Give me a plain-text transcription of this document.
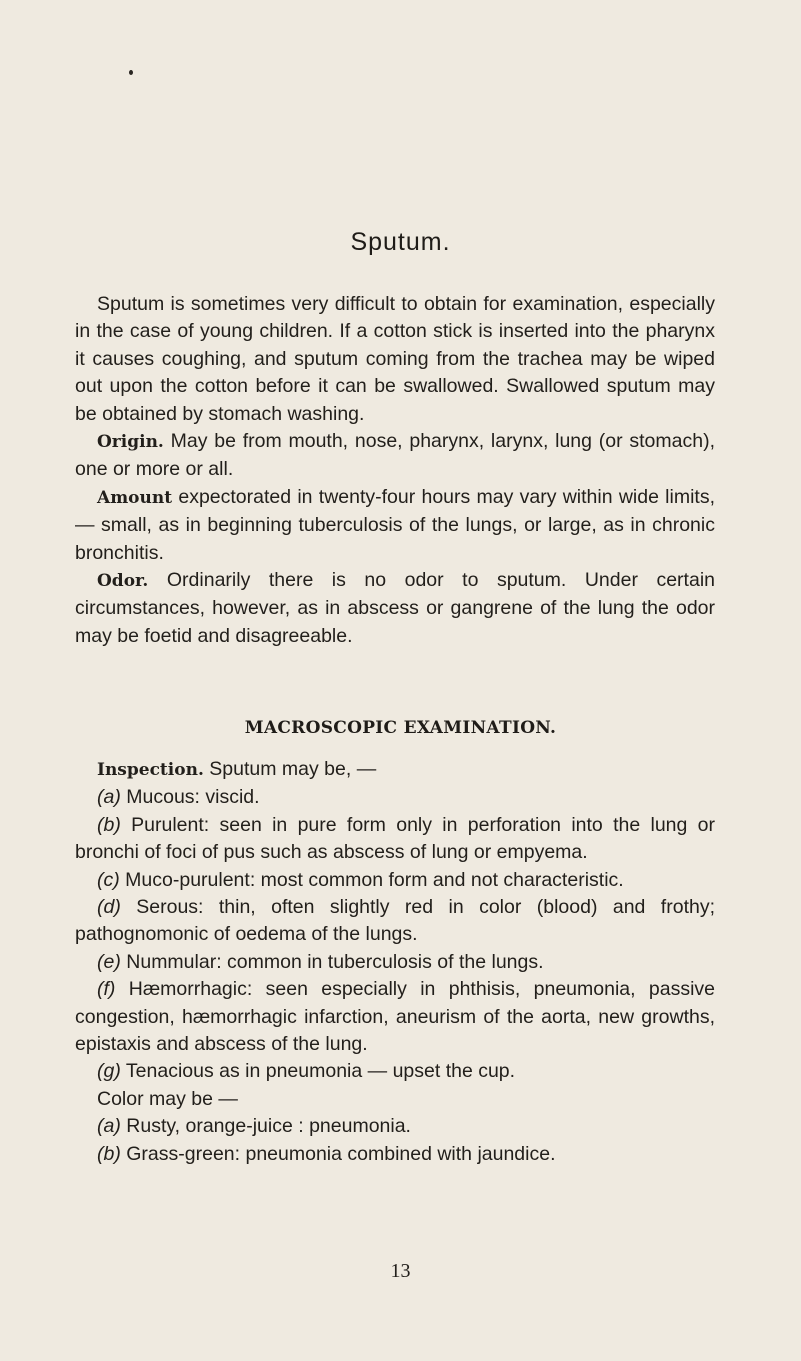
Sputum.

Sputum is sometimes very difficult to obtain for examination, especially in the case of young children. If a cotton stick is inserted into the pharynx it causes coughing, and sputum coming from the trachea may be wiped out upon the cotton before it can be swallowed. Swallowed sputum may be obtained by stomach washing.

Origin. May be from mouth, nose, pharynx, larynx, lung (or stomach), one or more or all.

Amount expectorated in twenty-four hours may vary within wide limits, — small, as in beginning tuberculosis of the lungs, or large, as in chronic bronchitis.

Odor. Ordinarily there is no odor to sputum. Under certain circumstances, however, as in abscess or gangrene of the lung the odor may be foetid and disagreeable.

MACROSCOPIC EXAMINATION.

Inspection. Sputum may be, —

(a) Mucous: viscid.

(b) Purulent: seen in pure form only in perforation into the lung or bronchi of foci of pus such as abscess of lung or empyema.

(c) Muco-purulent: most common form and not characteristic.

(d) Serous: thin, often slightly red in color (blood) and frothy; pathognomonic of oedema of the lungs.

(e) Nummular: common in tuberculosis of the lungs.

(f) Hæmorrhagic: seen especially in phthisis, pneumonia, passive congestion, hæmorrhagic infarction, aneurism of the aorta, new growths, epistaxis and abscess of the lung.

(g) Tenacious as in pneumonia — upset the cup.

Color may be —

(a) Rusty, orange-juice : pneumonia.

(b) Grass-green: pneumonia combined with jaundice.

13
